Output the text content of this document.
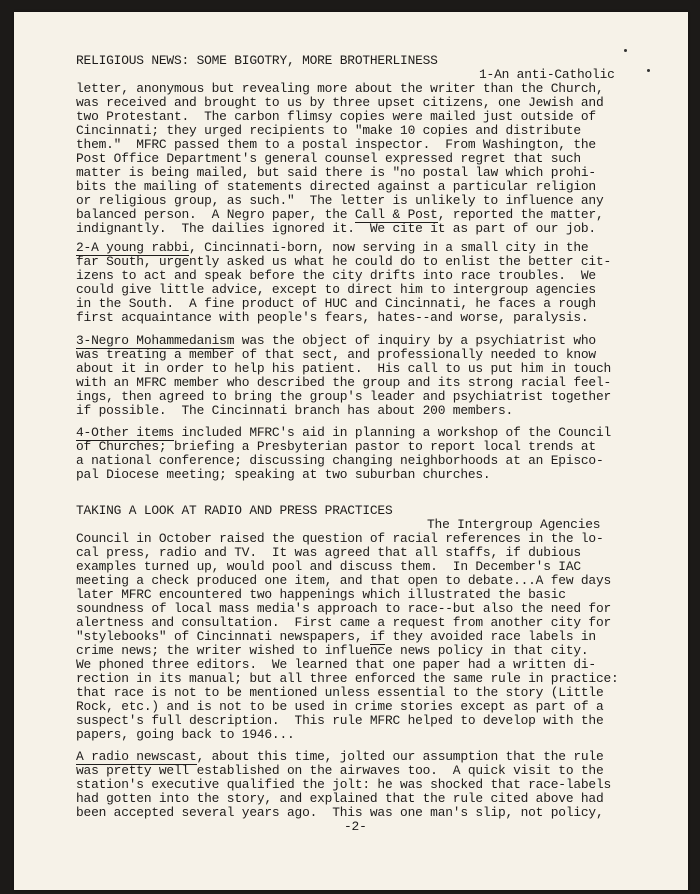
RELIGIOUS NEWS: SOME BIGOTRY, MORE BROTHERLINESS
1-An anti-Catholic
letter, anonymous but revealing more about the writer than the Church,
was received and brought to us by three upset citizens, one Jewish and
two Protestant.  The carbon flimsy copies were mailed just outside of
Cincinnati; they urged recipients to "make 10 copies and distribute
them."  MFRC passed them to a postal inspector.  From Washington, the
Post Office Department's general counsel expressed regret that such
matter is being mailed, but said there is "no postal law which prohi-
bits the mailing of statements directed against a particular religion
or religious group, as such."  The letter is unlikely to influence any
balanced person.  A Negro paper, the Call & Post, reported the matter,
indignantly.  The dailies ignored it.  We cite it as part of our job.
2-A young rabbi, Cincinnati-born, now serving in a small city in the
far South, urgently asked us what he could do to enlist the better cit-
izens to act and speak before the city drifts into race troubles.  We
could give little advice, except to direct him to intergroup agencies
in the South.  A fine product of HUC and Cincinnati, he faces a rough
first acquaintance with people's fears, hates--and worse, paralysis.
3-Negro Mohammedanism was the object of inquiry by a psychiatrist who
was treating a member of that sect, and professionally needed to know
about it in order to help his patient.  His call to us put him in touch
with an MFRC member who described the group and its strong racial feel-
ings, then agreed to bring the group's leader and psychiatrist together
if possible.  The Cincinnati branch has about 200 members.
4-Other items included MFRC's aid in planning a workshop of the Council
of Churches; briefing a Presbyterian pastor to report local trends at
a national conference; discussing changing neighborhoods at an Episco-
pal Diocese meeting; speaking at two suburban churches.
TAKING A LOOK AT RADIO AND PRESS PRACTICES
The Intergroup Agencies
Council in October raised the question of racial references in the lo-
cal press, radio and TV.  It was agreed that all staffs, if dubious
examples turned up, would pool and discuss them.  In December's IAC
meeting a check produced one item, and that open to debate...A few days
later MFRC encountered two happenings which illustrated the basic
soundness of local mass media's approach to race--but also the need for
alertness and consultation.  First came a request from another city for
"stylebooks" of Cincinnati newspapers, if they avoided race labels in
crime news; the writer wished to influence news policy in that city.
We phoned three editors.  We learned that one paper had a written di-
rection in its manual; but all three enforced the same rule in practice:
that race is not to be mentioned unless essential to the story (Little
Rock, etc.) and is not to be used in crime stories except as part of a
suspect's full description.  This rule MFRC helped to develop with the
papers, going back to 1946...
A radio newscast, about this time, jolted our assumption that the rule
was pretty well established on the airwaves too.  A quick visit to the
station's executive qualified the jolt: he was shocked that race-labels
had gotten into the story, and explained that the rule cited above had
been accepted several years ago.  This was one man's slip, not policy,
-2-
